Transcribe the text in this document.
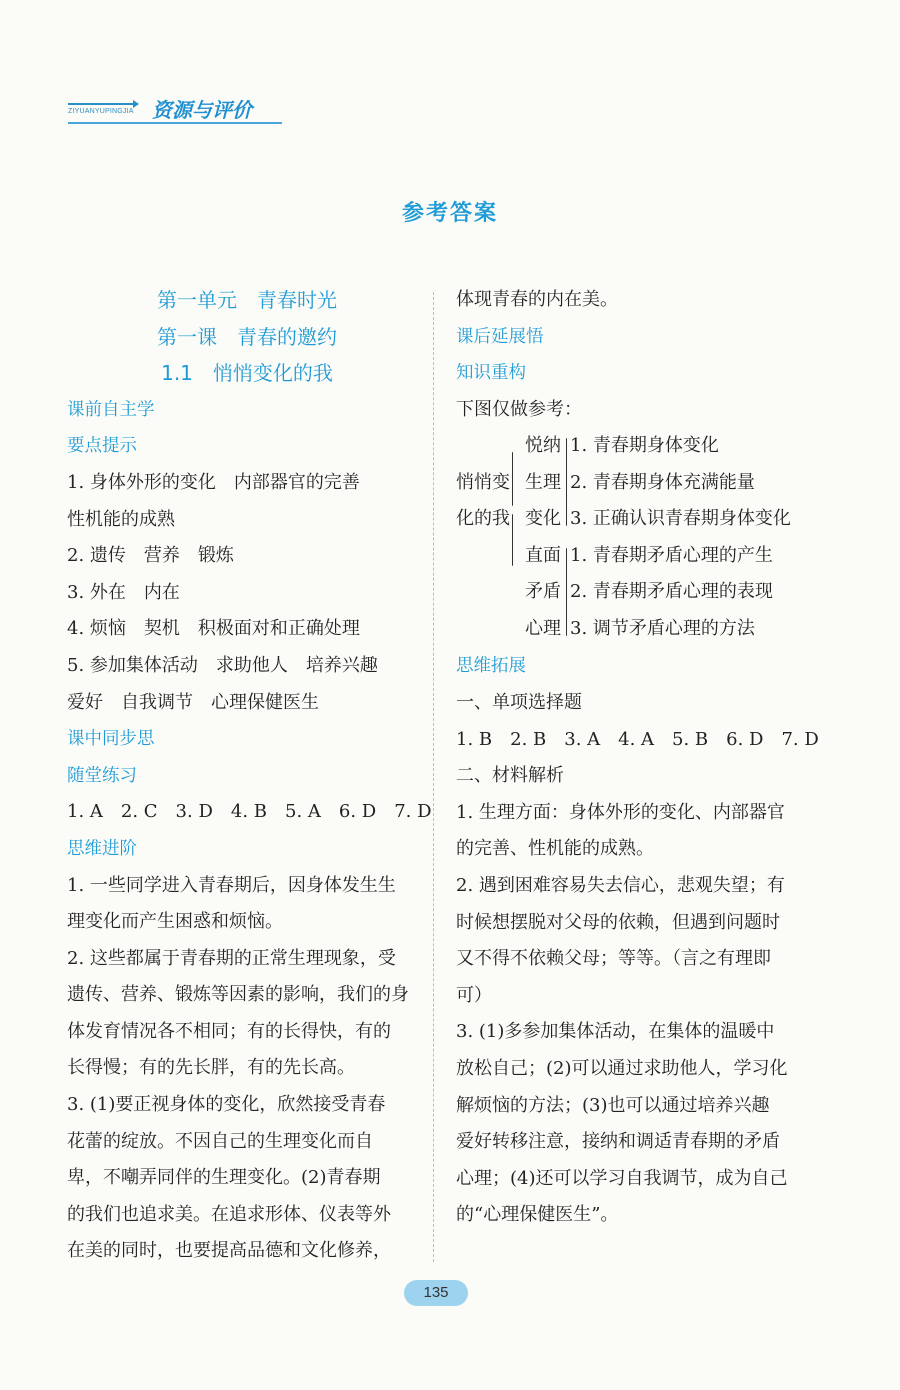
ZIYUANYUPINGJIA 资源与评价
参考答案
第一单元　青春时光
第一课　青春的邀约
1.1　悄悄变化的我
课前自主学
要点提示
1. 身体外形的变化　内部器官的完善
性机能的成熟
2. 遗传　营养　锻炼
3. 外在　内在
4. 烦恼　契机　积极面对和正确处理
5. 参加集体活动　求助他人　培养兴趣
爱好　自我调节　心理保健医生
课中同步思
随堂练习
1. A　2. C　3. D　4. B　5. A　6. D　7. D
思维进阶
1. 一些同学进入青春期后，因身体发生生
理变化而产生困惑和烦恼。
2. 这些都属于青春期的正常生理现象，受
遗传、营养、锻炼等因素的影响，我们的身
体发育情况各不相同；有的长得快，有的
长得慢；有的先长胖，有的先长高。
3. (1)要正视身体的变化，欣然接受青春
花蕾的绽放。不因自己的生理变化而自
卑，不嘲弄同伴的生理变化。(2)青春期
的我们也追求美。在追求形体、仪表等外
在美的同时，也要提高品德和文化修养，
体现青春的内在美。
课后延展悟
知识重构
下图仅做参考：
悄悄变
化的我
悦纳
生理
变化
直面
矛盾
心理
1. 青春期身体变化
2. 青春期身体充满能量
3. 正确认识青春期身体变化
1. 青春期矛盾心理的产生
2. 青春期矛盾心理的表现
3. 调节矛盾心理的方法
思维拓展
一、单项选择题
1. B　2. B　3. A　4. A　5. B　6. D　7. D
二、材料解析
1. 生理方面：身体外形的变化、内部器官
的完善、性机能的成熟。
2. 遇到困难容易失去信心，悲观失望；有
时候想摆脱对父母的依赖，但遇到问题时
又不得不依赖父母；等等。（言之有理即
可）
3. (1)多参加集体活动，在集体的温暖中
放松自己；(2)可以通过求助他人，学习化
解烦恼的方法；(3)也可以通过培养兴趣
爱好转移注意，接纳和调适青春期的矛盾
心理；(4)还可以学习自我调节，成为自己
的“心理保健医生”。
135
